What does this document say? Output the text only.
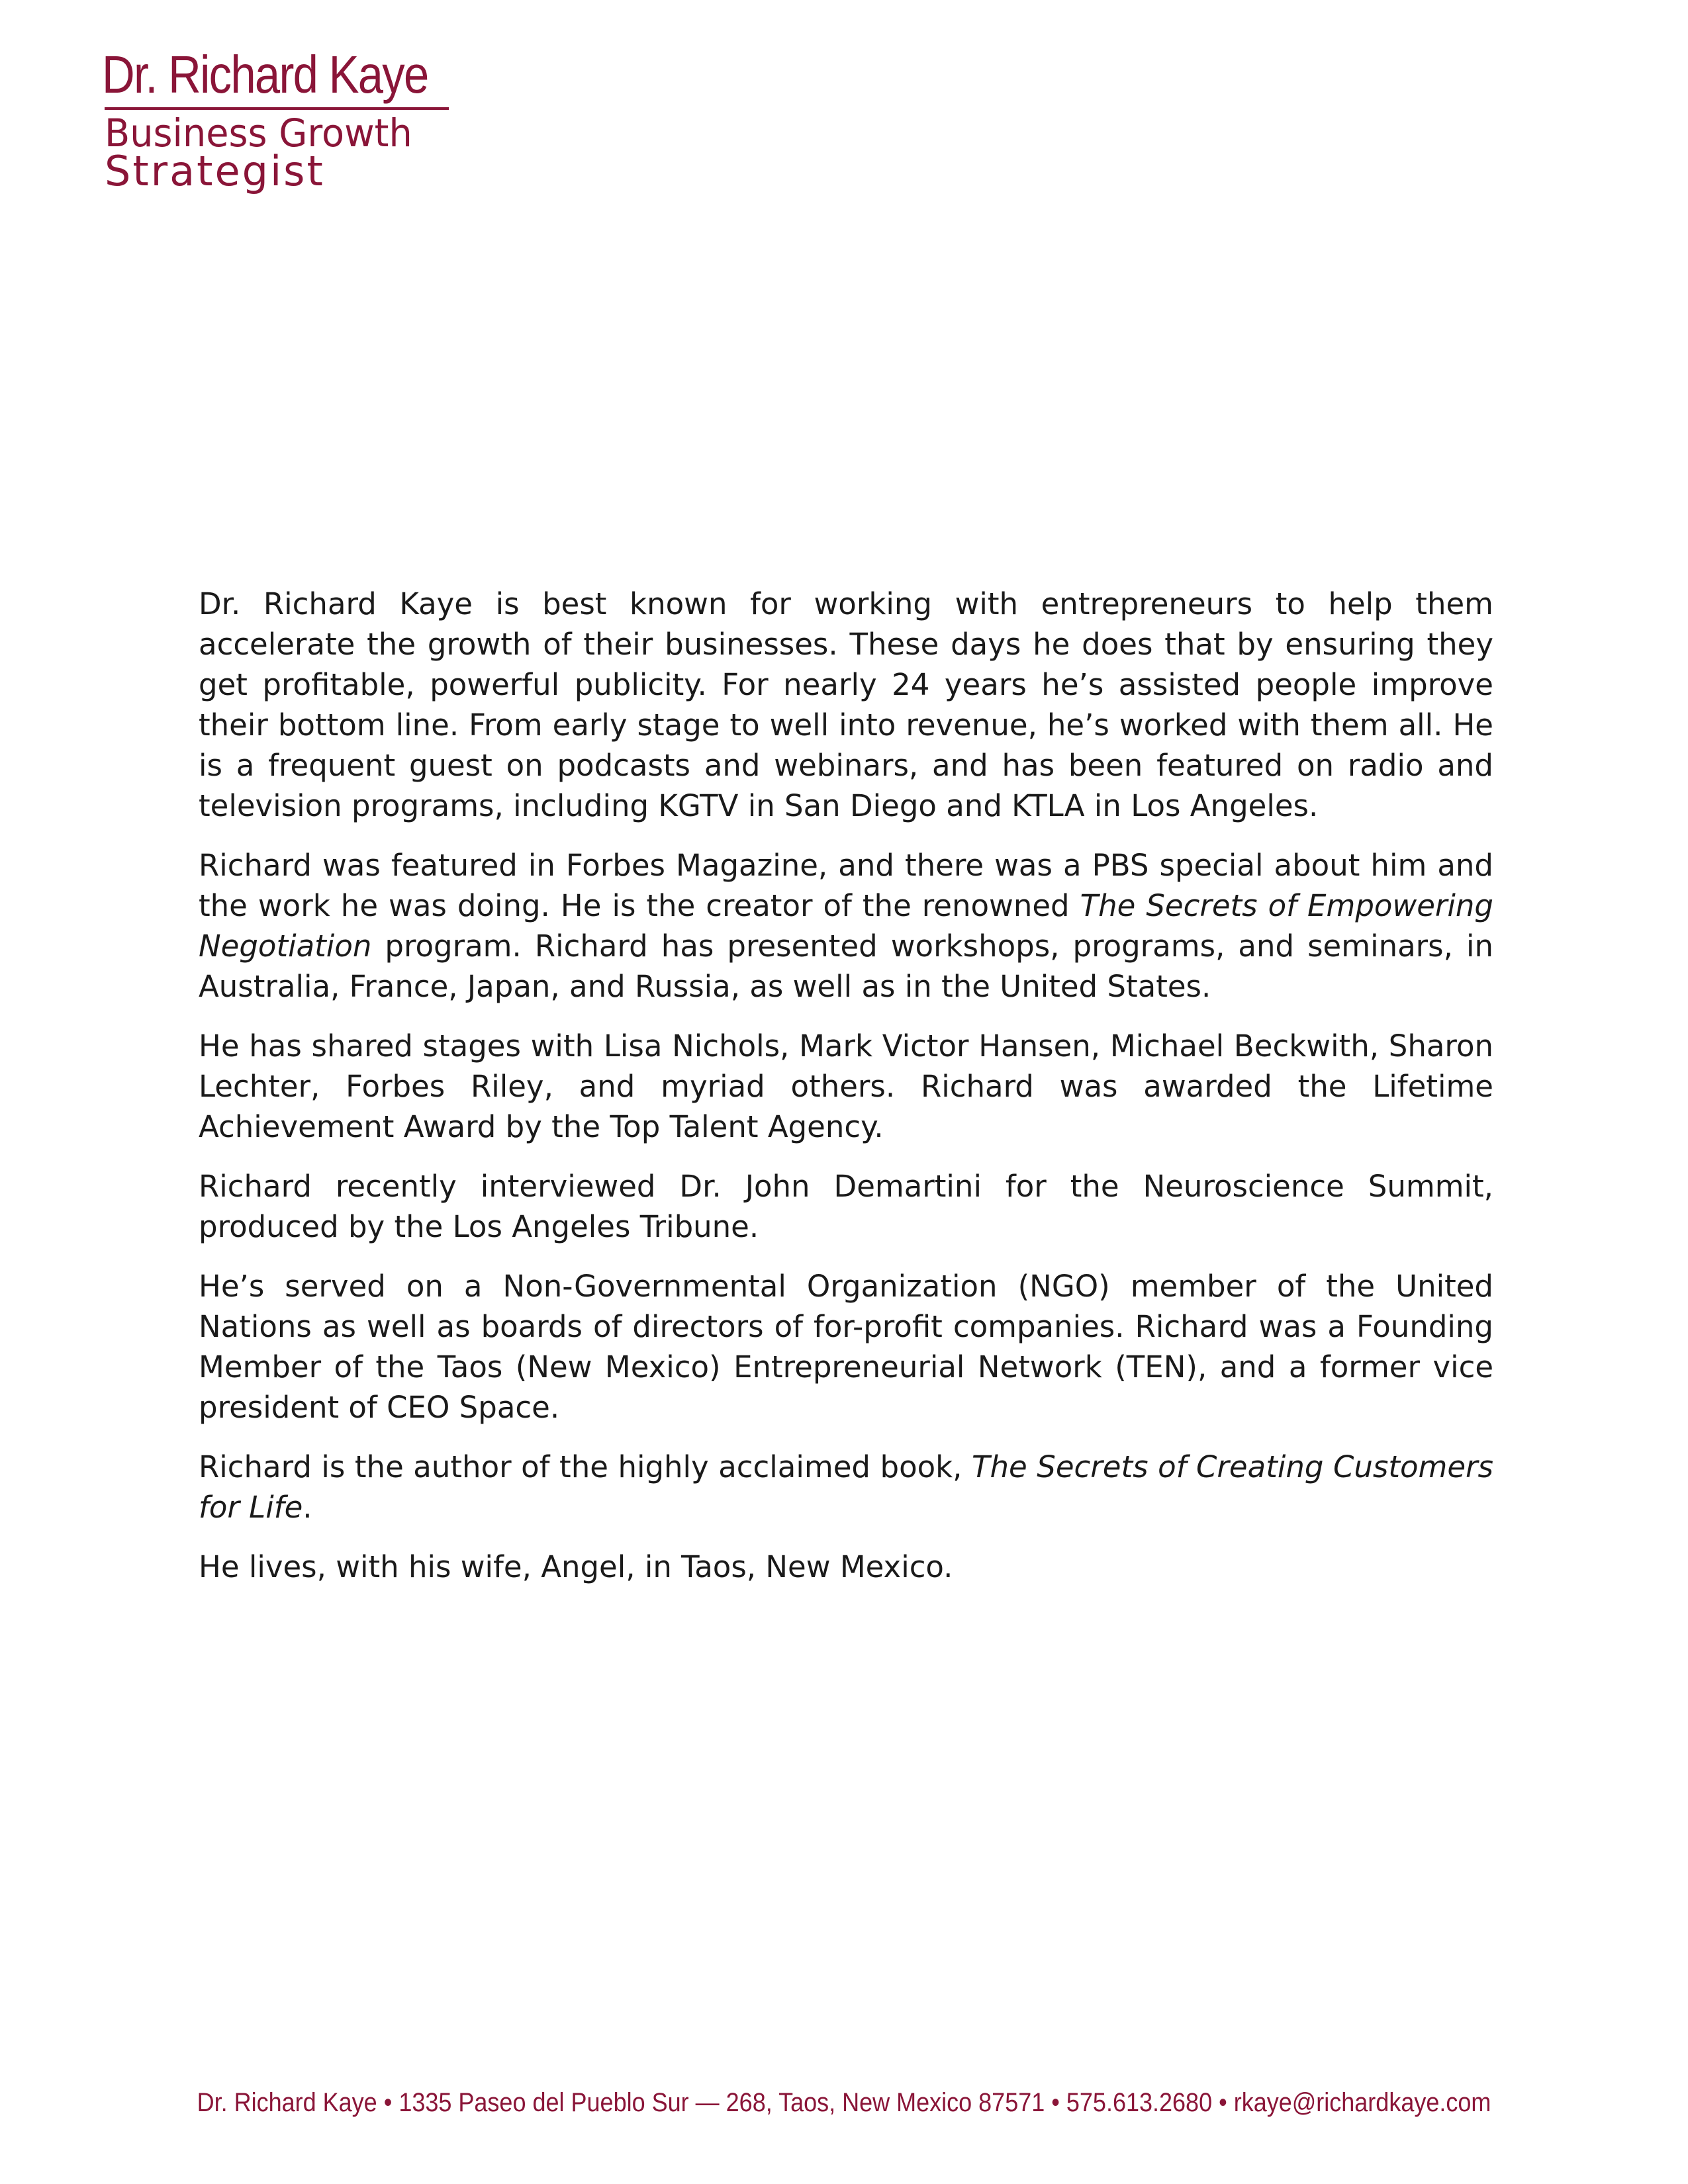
Dr. Richard Kaye
Business Growth
Strategist

Dr. Richard Kaye is best known for working with entrepreneurs to help them accelerate the growth of their businesses. These days he does that by ensuring they get profitable, powerful publicity. For nearly 24 years he’s assisted people improve their bottom line. From early stage to well into revenue, he’s worked with them all. He is a frequent guest on podcasts and webinars, and has been featured on radio and television programs, including KGTV in San Diego and KTLA in Los Angeles.

Richard was featured in Forbes Magazine, and there was a PBS special about him and the work he was doing. He is the creator of the renowned The Secrets of Empowering Negotiation program. Richard has presented workshops, programs, and seminars, in Australia, France, Japan, and Russia, as well as in the United States.

He has shared stages with Lisa Nichols, Mark Victor Hansen, Michael Beckwith, Sharon Lechter, Forbes Riley, and myriad others. Richard was awarded the Lifetime Achievement Award by the Top Talent Agency.

Richard recently interviewed Dr. John Demartini for the Neuroscience Summit, produced by the Los Angeles Tribune.

He’s served on a Non-Governmental Organization (NGO) member of the United Nations as well as boards of directors of for-profit companies. Richard was a Founding Member of the Taos (New Mexico) Entrepreneurial Network (TEN), and a former vice president of CEO Space.

Richard is the author of the highly acclaimed book, The Secrets of Creating Customers for Life.

He lives, with his wife, Angel, in Taos, New Mexico.

Dr. Richard Kaye • 1335 Paseo del Pueblo Sur — 268, Taos, New Mexico 87571 • 575.613.2680 • rkaye@richardkaye.com
